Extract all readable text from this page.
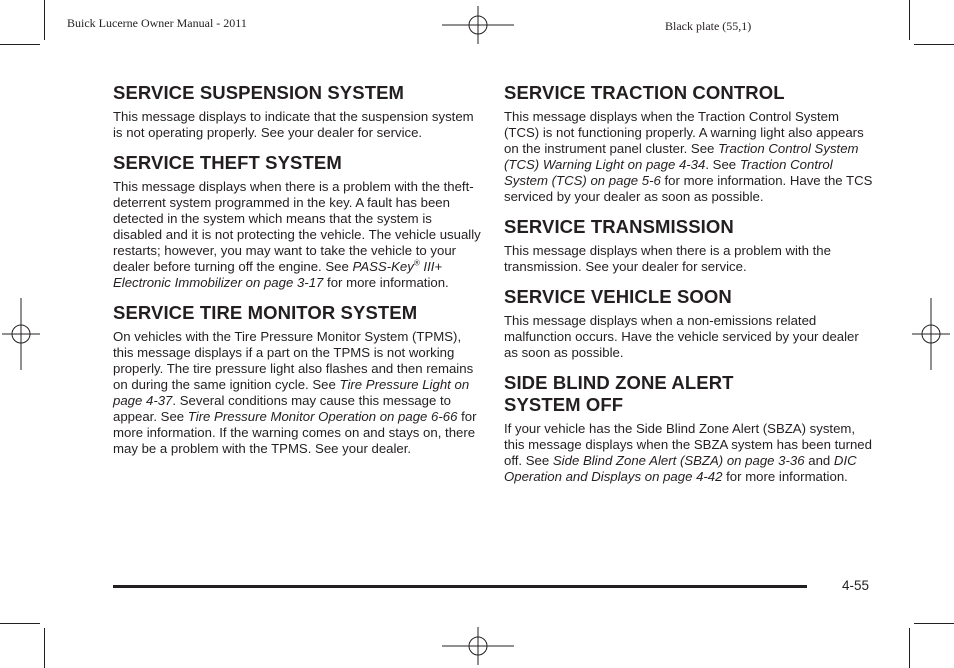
Buick Lucerne Owner Manual - 2011	Black plate (55,1)
SERVICE SUSPENSION SYSTEM

This message displays to indicate that the suspension system is not operating properly. See your dealer for service.

SERVICE THEFT SYSTEM

This message displays when there is a problem with the theft-deterrent system programmed in the key. A fault has been detected in the system which means that the system is disabled and it is not protecting the vehicle. The vehicle usually restarts; however, you may want to take the vehicle to your dealer before turning off the engine. See PASS-Key® III+ Electronic Immobilizer on page 3-17 for more information.

SERVICE TIRE MONITOR SYSTEM

On vehicles with the Tire Pressure Monitor System (TPMS), this message displays if a part on the TPMS is not working properly. The tire pressure light also flashes and then remains on during the same ignition cycle. See Tire Pressure Light on page 4-37. Several conditions may cause this message to appear. See Tire Pressure Monitor Operation on page 6-66 for more information. If the warning comes on and stays on, there may be a problem with the TPMS. See your dealer.

SERVICE TRACTION CONTROL

This message displays when the Traction Control System (TCS) is not functioning properly. A warning light also appears on the instrument panel cluster. See Traction Control System (TCS) Warning Light on page 4-34. See Traction Control System (TCS) on page 5-6 for more information. Have the TCS serviced by your dealer as soon as possible.

SERVICE TRANSMISSION

This message displays when there is a problem with the transmission. See your dealer for service.

SERVICE VEHICLE SOON

This message displays when a non-emissions related malfunction occurs. Have the vehicle serviced by your dealer as soon as possible.

SIDE BLIND ZONE ALERT
SYSTEM OFF

If your vehicle has the Side Blind Zone Alert (SBZA) system, this message displays when the SBZA system has been turned off. See Side Blind Zone Alert (SBZA) on page 3-36 and DIC Operation and Displays on page 4-42 for more information.

4-55
